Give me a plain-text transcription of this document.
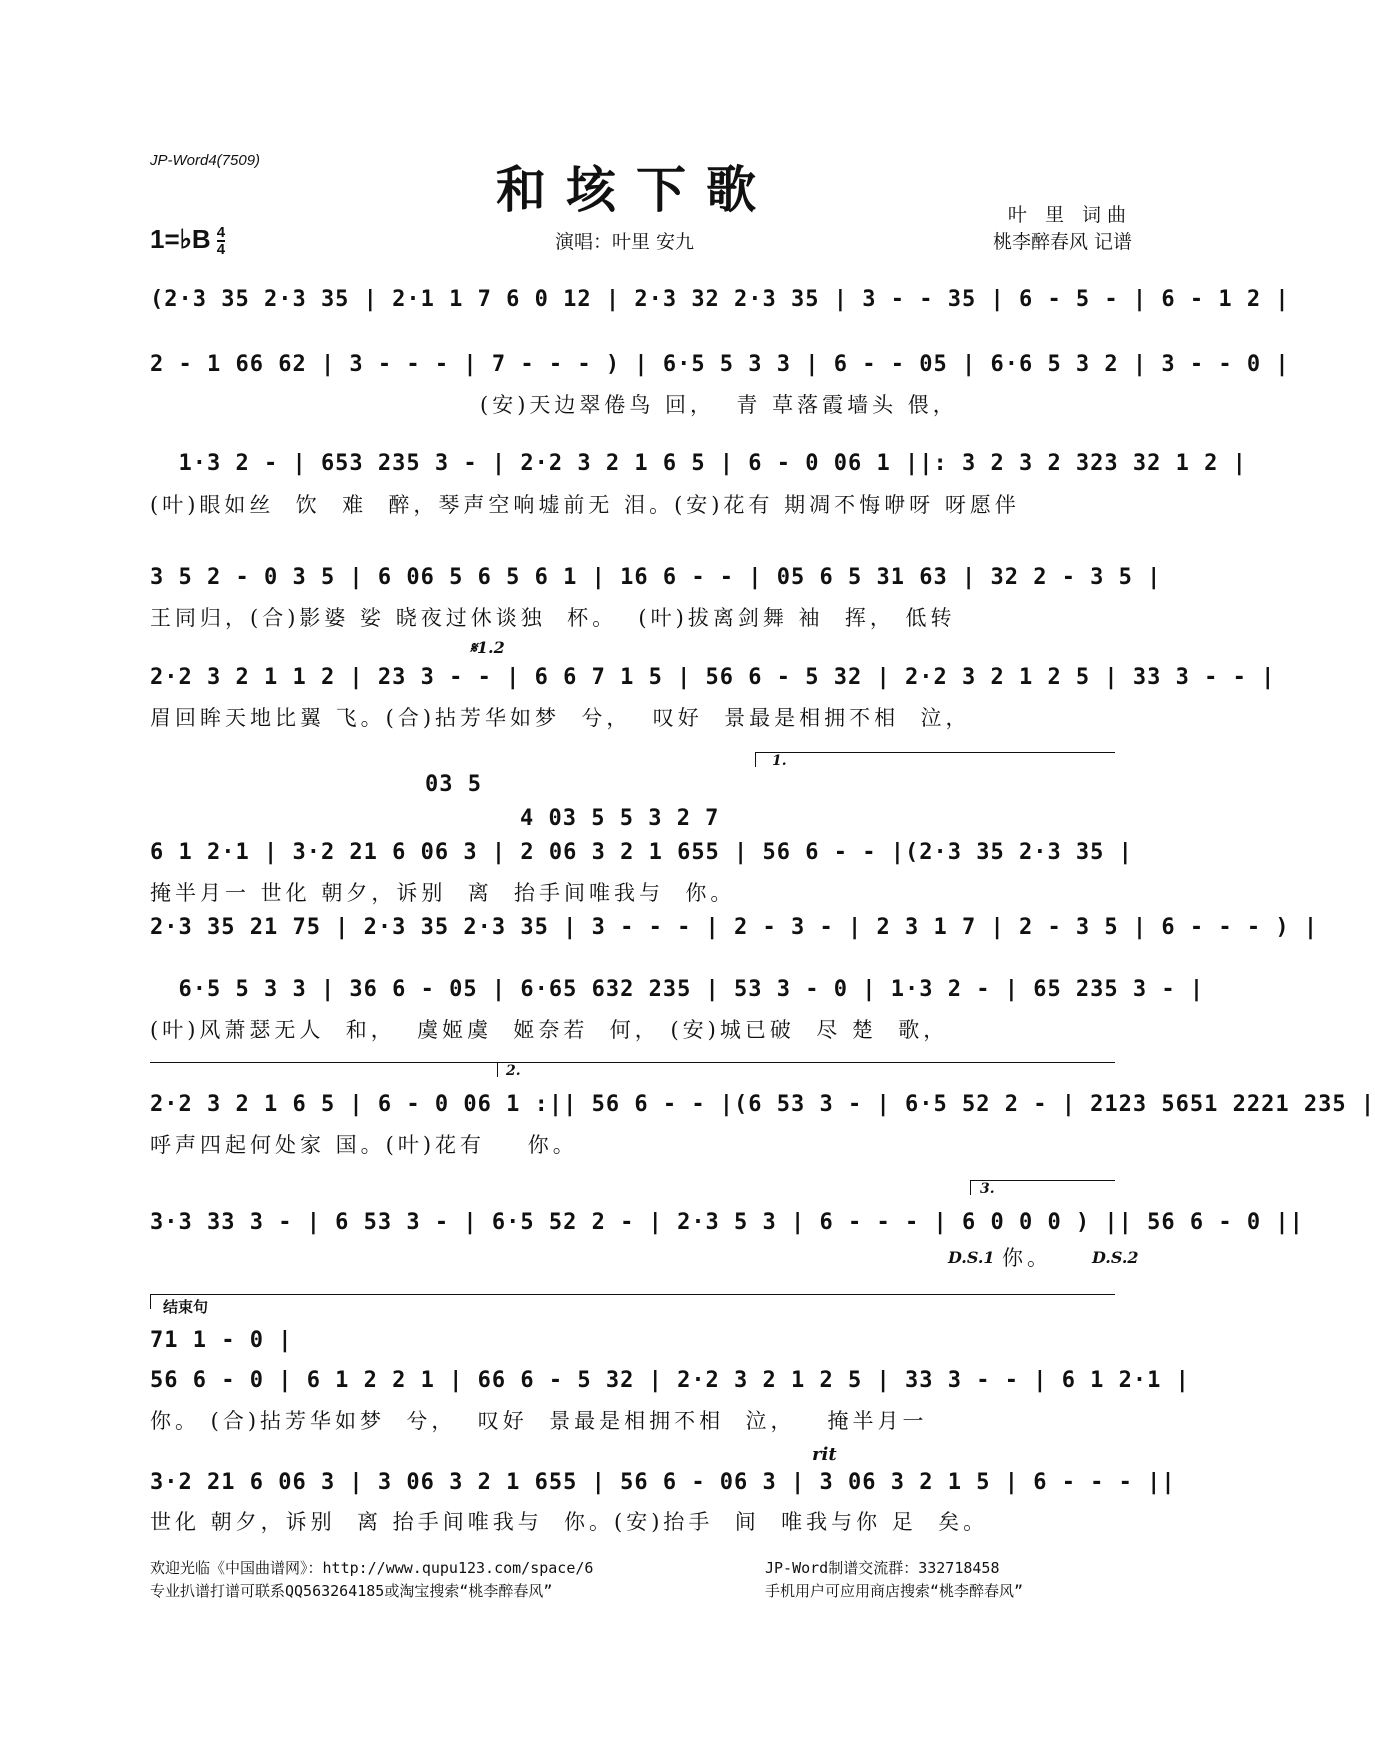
JP-Word4(7509)	和垓下歌	叶 里 词曲
桃李醉春风 记谱
演唱：叶里 安九
1=♭B $\frac{4}{4}$
(2·3 35 2·3 35 | 2·1 1 7 6 0 12 | 2·3 32 2·3 35 | 3 - - 35 | 6 - 5 - | 6 - 1 2 |
2 - 1 66 62 | 3 - - - | 7 - - - ) | 6·5 5 3 3 | 6 - - 05 | 6·6 5 3 2 | 3 - - 0 |
(安)天边翠倦鸟 回，  青 草落霞墙头 偎，
1·3 2 - | 653 235 3 - | 2·2 3 2 1 6 5 | 6 - 0 06 1 ||: 3 2 3 2 323 32 1 2 |
(叶)眼如丝  饮  难  醉，琴声空响墟前无 泪。(安)花有 期凋不悔咿呀 呀愿伴
3 5 2 - 0 3 5 | 6 06 5 6 5 6 1 | 16 6 - - | 05 6 5 31 63 | 32 2 - 3 5 |
王同归，(合)影婆 娑 晓夜过休谈独  杯。  (叶)拔离剑舞 袖  挥， 低转
𝄋1.2
2·2 3 2 1 1 2 | 23 3 - - | 6 6 7 1 5 | 56 6 - 5 32 | 2·2 3 2 1 2 5 | 33 3 - - |
眉回眸天地比翼 飞。(合)拈芳华如梦  兮，  叹好  景最是相拥不相  泣，
1.
03 5
4 03 5 5 3 2 7
6 1 2·1 | 3·2 21 6 06 3 | 2 06 3 2 1 655 | 56 6 - - |(2·3 35 2·3 35 |
掩半月一 世化 朝夕，诉别  离  抬手间唯我与  你。
2·3 35 21 75 | 2·3 35 2·3 35 | 3 - - - | 2 - 3 - | 2 3 1 7 | 2 - 3 5 | 6 - - - ) |
6·5 5 3 3 | 36 6 - 05 | 6·65 632 235 | 53 3 - 0 | 1·3 2 - | 65 235 3 - |
(叶)风萧瑟无人  和，  虞姬虞  姬奈若  何， (安)城已破  尽 楚  歌，
2.
2·2 3 2 1 6 5 | 6 - 0 06 1 :|| 56 6 - - |(6 53 3 - | 6·5 52 2 - | 2123 5651 2221 235 |
呼声四起何处家 国。(叶)花有    你。
3.
3·3 33 3 - | 6 53 3 - | 6·5 52 2 - | 2·3 5 3 | 6 - - - | 6 0 0 0 ) || 56 6 - 0 ||
D.S.1 你。	D.S.2
结束句
71 1 - 0 |
56 6 - 0 | 6 1 2 2 1 | 66 6 - 5 32 | 2·2 3 2 1 2 5 | 33 3 - - | 6 1 2·1 |
你。 (合)拈芳华如梦  兮，  叹好  景最是相拥不相  泣，   掩半月一
rit
3·2 21 6 06 3 | 3 06 3 2 1 655 | 56 6 - 06 3 | 3 06 3 2 1 5 | 6 - - - ||
世化 朝夕，诉别  离 抬手间唯我与  你。(安)抬手  间  唯我与你 足  矣。
欢迎光临《中国曲谱网》：http://www.qupu123.com/space/6
专业扒谱打谱可联系QQ563264185或淘宝搜索“桃李醉春风”
JP-Word制谱交流群：332718458
手机用户可应用商店搜索“桃李醉春风”
